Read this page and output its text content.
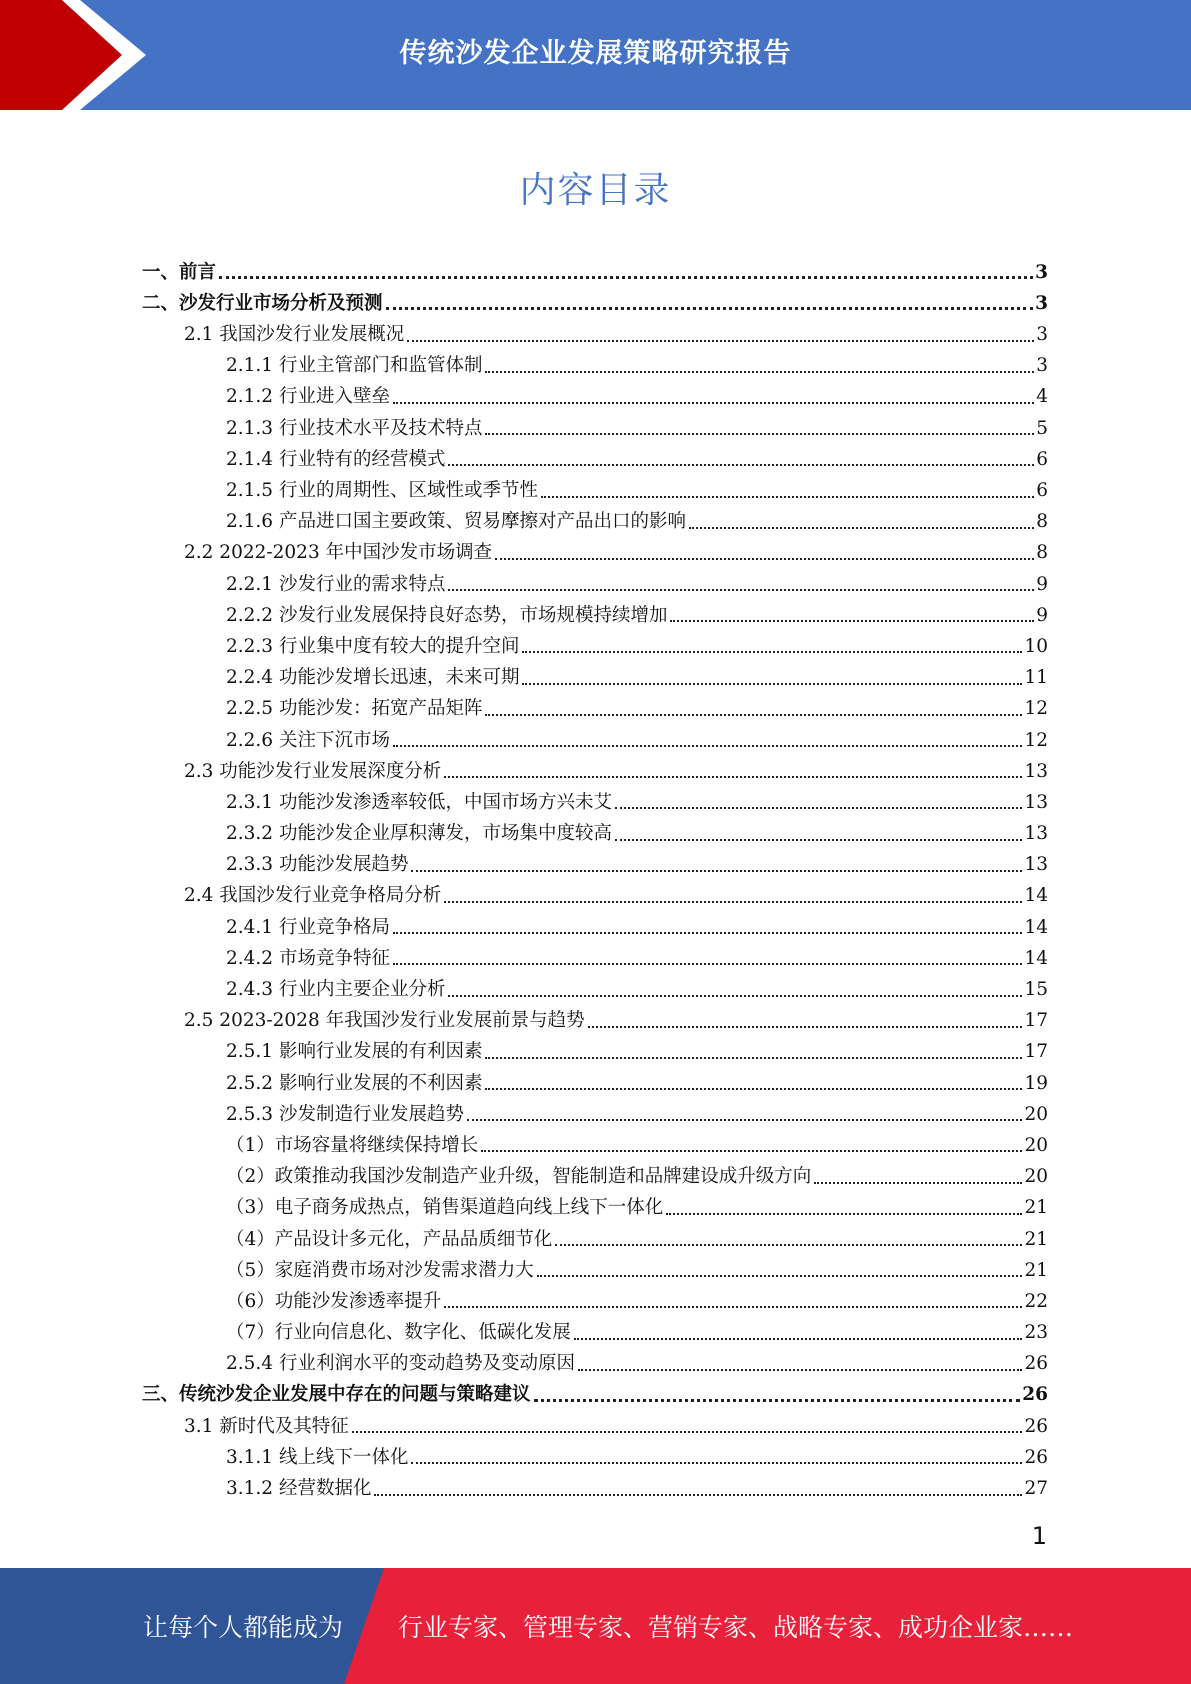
传统沙发企业发展策略研究报告
内容目录
一、前言	3
二、沙发行业市场分析及预测	3
2.1 我国沙发行业发展概况	3
2.1.1 行业主管部门和监管体制	3
2.1.2 行业进入壁垒	4
2.1.3 行业技术水平及技术特点	5
2.1.4 行业特有的经营模式	6
2.1.5 行业的周期性、区域性或季节性	6
2.1.6 产品进口国主要政策、贸易摩擦对产品出口的影响	8
2.2 2022-2023 年中国沙发市场调查	8
2.2.1 沙发行业的需求特点	9
2.2.2 沙发行业发展保持良好态势，市场规模持续增加	9
2.2.3 行业集中度有较大的提升空间	10
2.2.4 功能沙发增长迅速，未来可期	11
2.2.5 功能沙发：拓宽产品矩阵	12
2.2.6 关注下沉市场	12
2.3 功能沙发行业发展深度分析	13
2.3.1 功能沙发渗透率较低，中国市场方兴未艾	13
2.3.2 功能沙发企业厚积薄发，市场集中度较高	13
2.3.3 功能沙发展趋势	13
2.4 我国沙发行业竞争格局分析	14
2.4.1 行业竞争格局	14
2.4.2 市场竞争特征	14
2.4.3 行业内主要企业分析	15
2.5 2023-2028 年我国沙发行业发展前景与趋势	17
2.5.1 影响行业发展的有利因素	17
2.5.2 影响行业发展的不利因素	19
2.5.3 沙发制造行业发展趋势	20
（1）市场容量将继续保持增长	20
（2）政策推动我国沙发制造产业升级，智能制造和品牌建设成升级方向	20
（3）电子商务成热点，销售渠道趋向线上线下一体化	21
（4）产品设计多元化，产品品质细节化	21
（5）家庭消费市场对沙发需求潜力大	21
（6）功能沙发渗透率提升	22
（7）行业向信息化、数字化、低碳化发展	23
2.5.4 行业利润水平的变动趋势及变动原因	26
三、传统沙发企业发展中存在的问题与策略建议	26
3.1 新时代及其特征	26
3.1.1 线上线下一体化	26
3.1.2 经营数据化	27
1
让每个人都能成为 行业专家、管理专家、营销专家、战略专家、成功企业家……
